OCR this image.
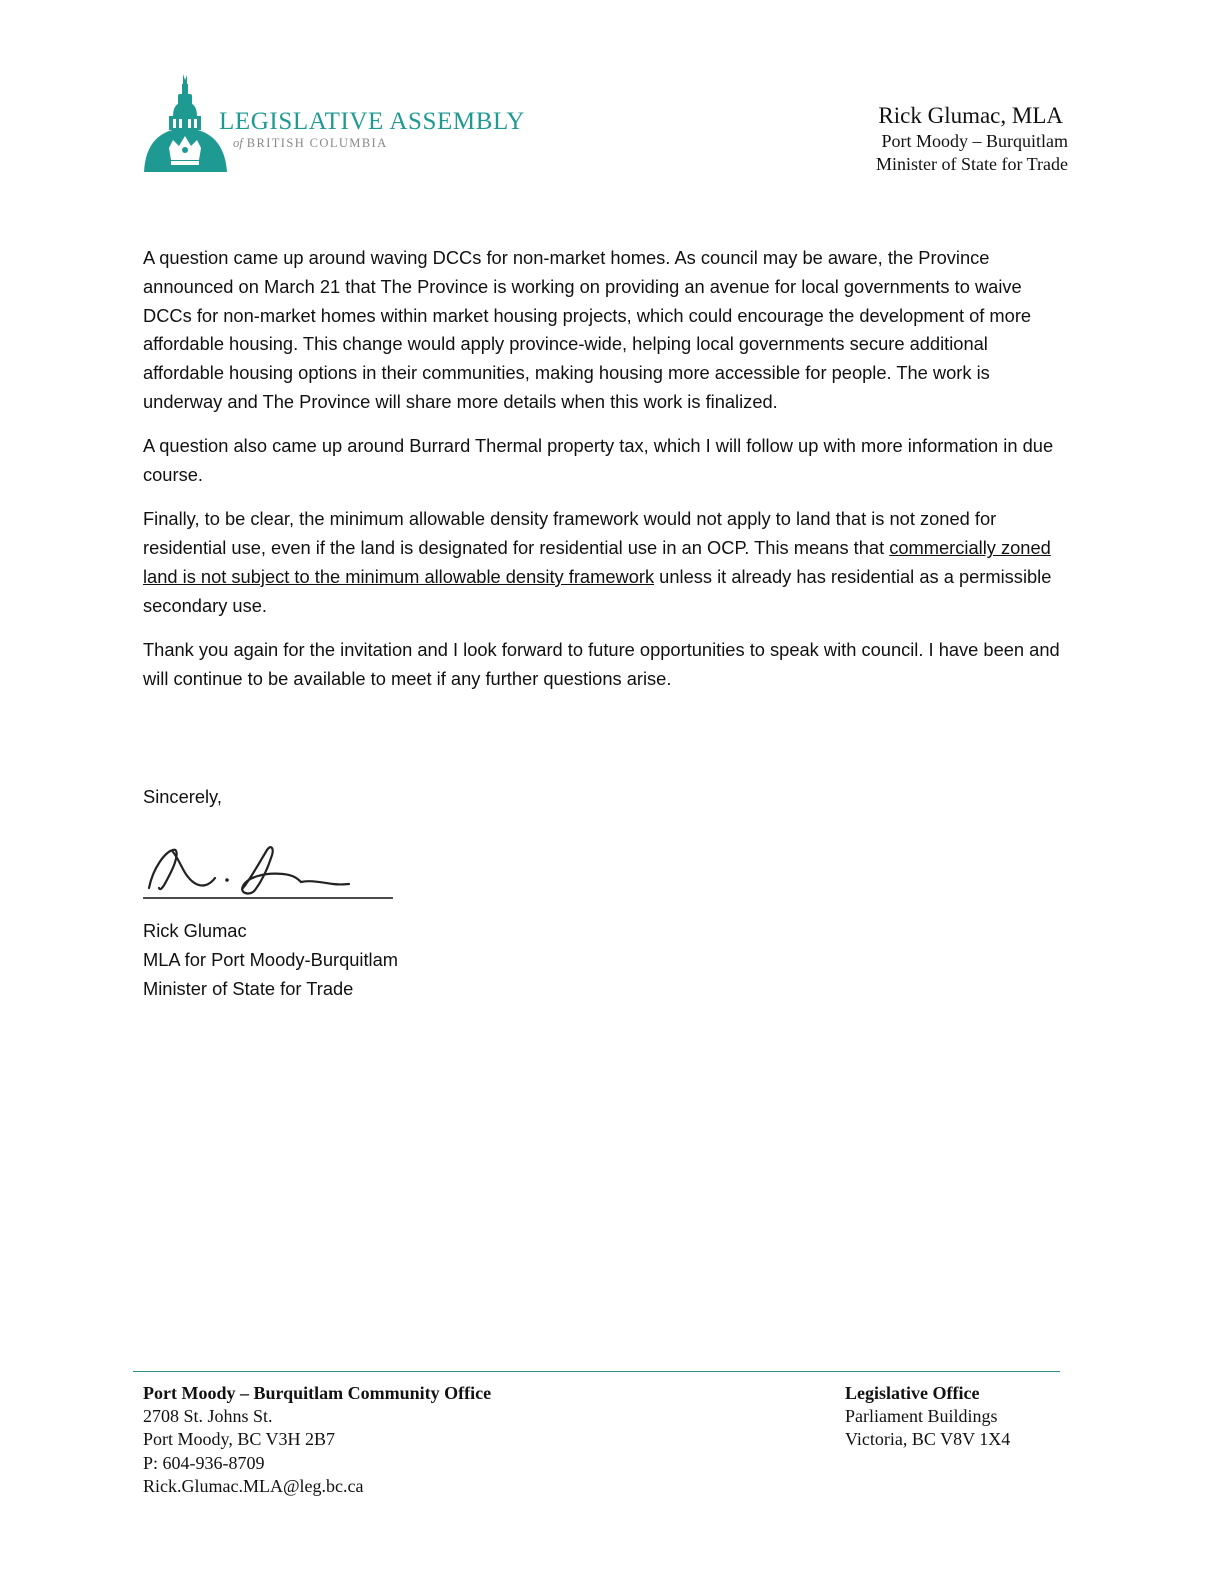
LEGISLATIVE ASSEMBLY
of BRITISH COLUMBIA
Rick Glumac, MLA
Port Moody – Burquitlam
Minister of State for Trade

A question came up around waving DCCs for non-market homes. As council may be aware, the Province announced on March 21 that The Province is working on providing an avenue for local governments to waive DCCs for non-market homes within market housing projects, which could encourage the development of more affordable housing. This change would apply province-wide, helping local governments secure additional affordable housing options in their communities, making housing more accessible for people. The work is underway and The Province will share more details when this work is finalized.

A question also came up around Burrard Thermal property tax, which I will follow up with more information in due course.

Finally, to be clear, the minimum allowable density framework would not apply to land that is not zoned for residential use, even if the land is designated for residential use in an OCP. This means that commercially zoned land is not subject to the minimum allowable density framework unless it already has residential as a permissible secondary use.

Thank you again for the invitation and I look forward to future opportunities to speak with council. I have been and will continue to be available to meet if any further questions arise.

Sincerely,
Rick Glumac
MLA for Port Moody-Burquitlam
Minister of State for Trade
Port Moody – Burquitlam Community Office
2708 St. Johns St.
Port Moody, BC V3H 2B7
P: 604-936-8709
Rick.Glumac.MLA@leg.bc.ca
Legislative Office
Parliament Buildings
Victoria, BC V8V 1X4
